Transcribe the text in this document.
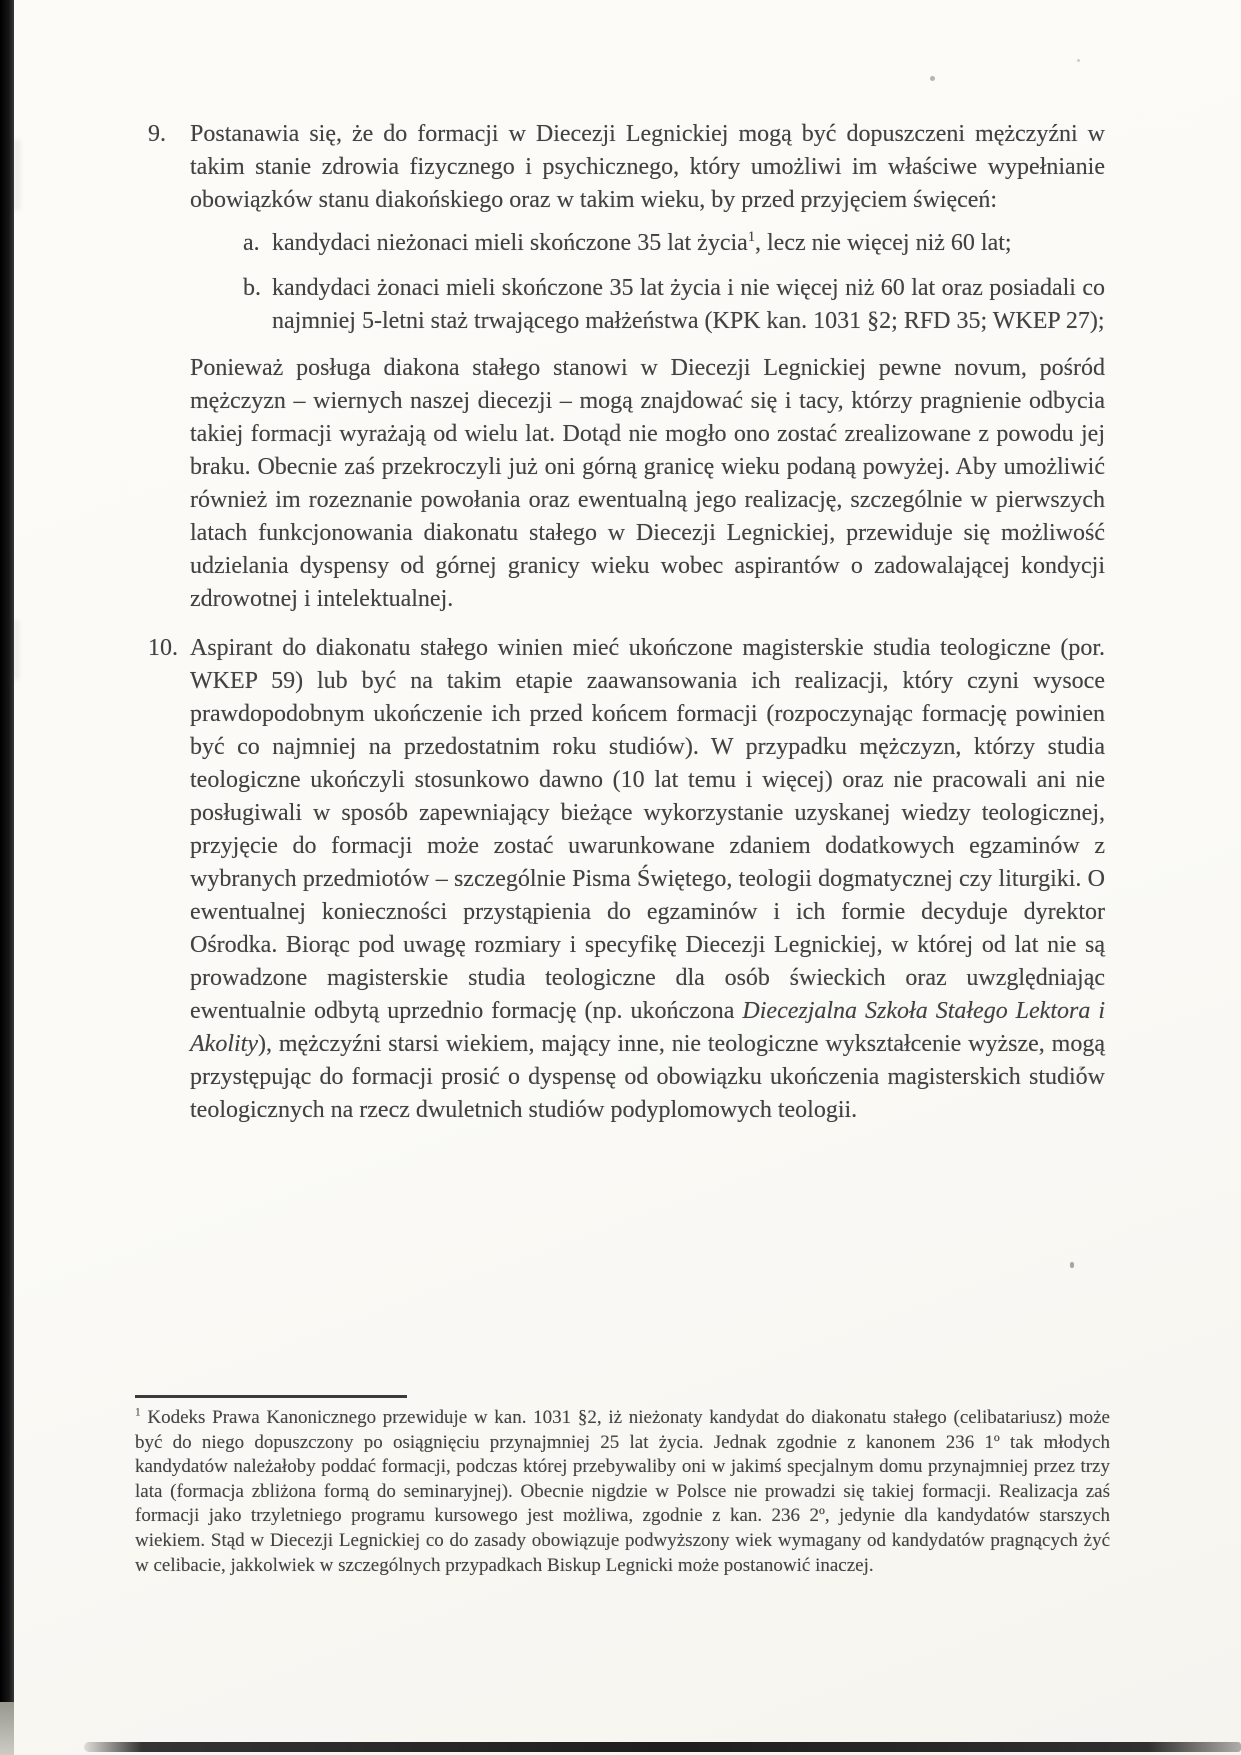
9.	Postanawia się, że do formacji w Diecezji Legnickiej mogą być dopuszczeni mężczyźni w takim stanie zdrowia fizycznego i psychicznego, który umożliwi im właściwe wypełnianie obowiązków stanu diakońskiego oraz w takim wieku, by przed przyjęciem święceń:

a. kandydaci nieżonaci mieli skończone 35 lat życia$^1$, lecz nie więcej niż 60 lat;

b. kandydaci żonaci mieli skończone 35 lat życia i nie więcej niż 60 lat oraz posiadali co najmniej 5-letni staż trwającego małżeństwa (KPK kan. 1031 §2; RFD 35; WKEP 27);

Ponieważ posługa diakona stałego stanowi w Diecezji Legnickiej pewne novum, pośród mężczyzn – wiernych naszej diecezji – mogą znajdować się i tacy, którzy pragnienie odbycia takiej formacji wyrażają od wielu lat. Dotąd nie mogło ono zostać zrealizowane z powodu jej braku. Obecnie zaś przekroczyli już oni górną granicę wieku podaną powyżej. Aby umożliwić również im rozeznanie powołania oraz ewentualną jego realizację, szczególnie w pierwszych latach funkcjonowania diakonatu stałego w Diecezji Legnickiej, przewiduje się możliwość udzielania dyspensy od górnej granicy wieku wobec aspirantów o zadowalającej kondycji zdrowotnej i intelektualnej.

10. Aspirant do diakonatu stałego winien mieć ukończone magisterskie studia teologiczne (por. WKEP 59) lub być na takim etapie zaawansowania ich realizacji, który czyni wysoce prawdopodobnym ukończenie ich przed końcem formacji (rozpoczynając formację powinien być co najmniej na przedostatnim roku studiów). W przypadku mężczyzn, którzy studia teologiczne ukończyli stosunkowo dawno (10 lat temu i więcej) oraz nie pracowali ani nie posługiwali w sposób zapewniający bieżące wykorzystanie uzyskanej wiedzy teologicznej, przyjęcie do formacji może zostać uwarunkowane zdaniem dodatkowych egzaminów z wybranych przedmiotów – szczególnie Pisma Świętego, teologii dogmatycznej czy liturgiki. O ewentualnej konieczności przystąpienia do egzaminów i ich formie decyduje dyrektor Ośrodka. Biorąc pod uwagę rozmiary i specyfikę Diecezji Legnickiej, w której od lat nie są prowadzone magisterskie studia teologiczne dla osób świeckich oraz uwzględniając ewentualnie odbytą uprzednio formację (np. ukończona Diecezjalna Szkoła Stałego Lektora i Akolity), mężczyźni starsi wiekiem, mający inne, nie teologiczne wykształcenie wyższe, mogą przystępując do formacji prosić o dyspensę od obowiązku ukończenia magisterskich studiów teologicznych na rzecz dwuletnich studiów podyplomowych teologii.

$^1$ Kodeks Prawa Kanonicznego przewiduje w kan. 1031 §2, iż nieżonaty kandydat do diakonatu stałego (celibatariusz) może być do niego dopuszczony po osiągnięciu przynajmniej 25 lat życia. Jednak zgodnie z kanonem 236 1º tak młodych kandydatów należałoby poddać formacji, podczas której przebywaliby oni w jakimś specjalnym domu przynajmniej przez trzy lata (formacja zbliżona formą do seminaryjnej). Obecnie nigdzie w Polsce nie prowadzi się takiej formacji. Realizacja zaś formacji jako trzyletniego programu kursowego jest możliwa, zgodnie z kan. 236 2º, jedynie dla kandydatów starszych wiekiem. Stąd w Diecezji Legnickiej co do zasady obowiązuje podwyższony wiek wymagany od kandydatów pragnących żyć w celibacie, jakkolwiek w szczególnych przypadkach Biskup Legnicki może postanowić inaczej.
